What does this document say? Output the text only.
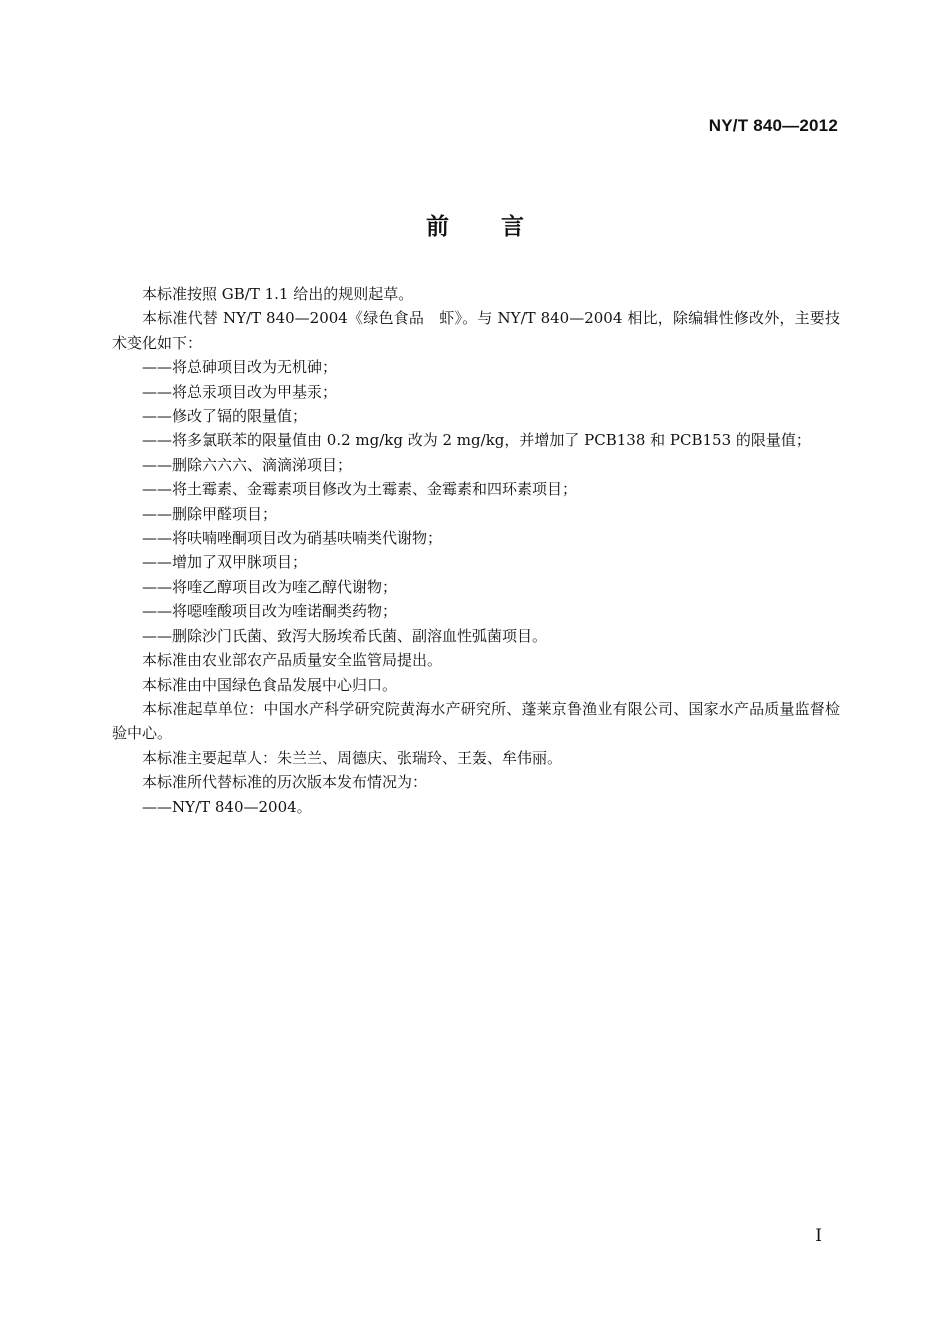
NY/T 840—2012
前 言

本标准按照 GB/T 1.1 给出的规则起草。

本标准代替 NY/T 840—2004《绿色食品　虾》。与 NY/T 840—2004 相比，除编辑性修改外，主要技术变化如下：

——将总砷项目改为无机砷；

——将总汞项目改为甲基汞；

——修改了镉的限量值；

——将多氯联苯的限量值由 0.2 mg/kg 改为 2 mg/kg，并增加了 PCB138 和 PCB153 的限量值；

——删除六六六、滴滴涕项目；

——将土霉素、金霉素项目修改为土霉素、金霉素和四环素项目；

——删除甲醛项目；

——将呋喃唑酮项目改为硝基呋喃类代谢物；

——增加了双甲脒项目；

——将喹乙醇项目改为喹乙醇代谢物；

——将噁喹酸项目改为喹诺酮类药物；

——删除沙门氏菌、致泻大肠埃希氏菌、副溶血性弧菌项目。

本标准由农业部农产品质量安全监管局提出。

本标准由中国绿色食品发展中心归口。

本标准起草单位：中国水产科学研究院黄海水产研究所、蓬莱京鲁渔业有限公司、国家水产品质量监督检验中心。

本标准主要起草人：朱兰兰、周德庆、张瑞玲、王轰、牟伟丽。

本标准所代替标准的历次版本发布情况为：

——NY/T 840—2004。

I
